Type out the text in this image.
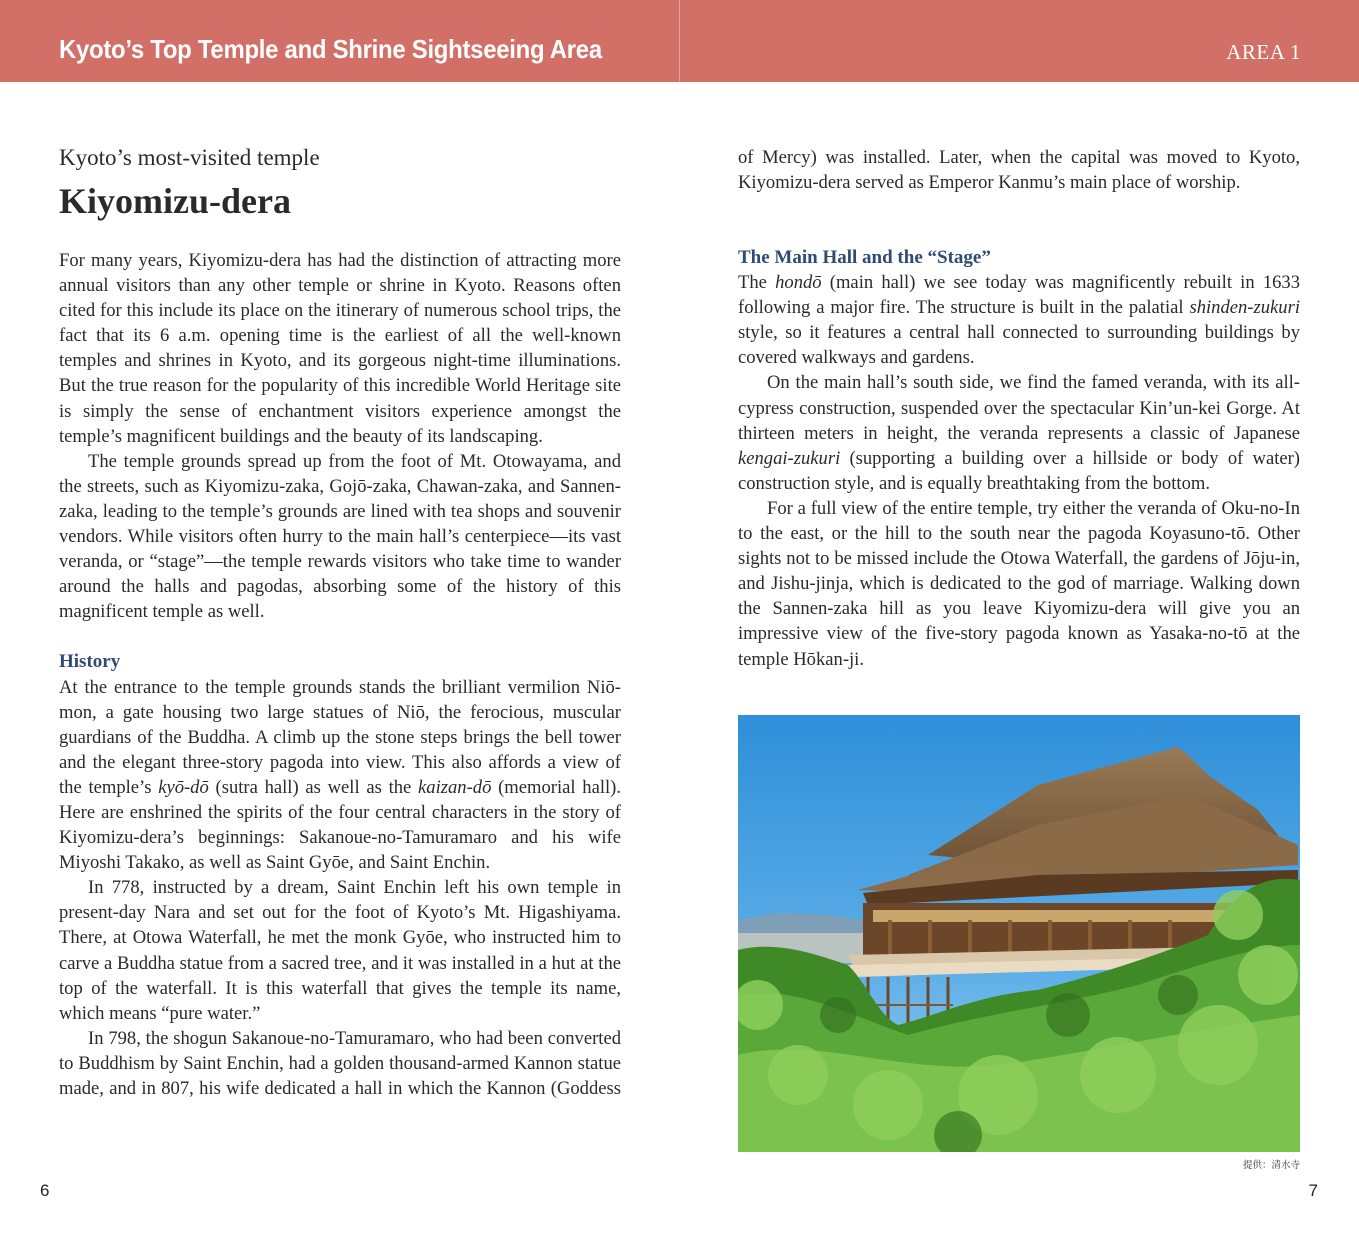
Kyoto’s Top Temple and Shrine Sightseeing Area	AREA 1
Kyoto’s most-visited temple
Kiyomizu-dera

For many years, Kiyomizu-dera has had the distinction of attracting more annual visitors than any other temple or shrine in Kyoto. Reasons often cited for this include its place on the itinerary of numerous school trips, the fact that its 6 a.m. opening time is the earliest of all the well-known temples and shrines in Kyoto, and its gorgeous night-time illuminations. But the true reason for the popularity of this incredible World Heritage site is simply the sense of enchantment visitors experience amongst the temple’s magnificent buildings and the beauty of its landscaping.

The temple grounds spread up from the foot of Mt. Otowayama, and the streets, such as Kiyomizu-zaka, Gojō-zaka, Chawan-zaka, and Sannen-zaka, leading to the temple’s grounds are lined with tea shops and souvenir vendors. While visitors often hurry to the main hall’s centerpiece—its vast veranda, or “stage”—the temple rewards visitors who take time to wander around the halls and pagodas, absorbing some of the history of this magnificent temple as well.

History

At the entrance to the temple grounds stands the brilliant vermilion Niō-mon, a gate housing two large statues of Niō, the ferocious, muscular guardians of the Buddha. A climb up the stone steps brings the bell tower and the elegant three-story pagoda into view. This also affords a view of the temple’s kyō-dō (sutra hall) as well as the kaizan-dō (memorial hall). Here are enshrined the spirits of the four central characters in the story of Kiyomizu-dera’s beginnings: Sakanoue-no-Tamuramaro and his wife Miyoshi Takako, as well as Saint Gyōe, and Saint Enchin.

In 778, instructed by a dream, Saint Enchin left his own temple in present-day Nara and set out for the foot of Kyoto’s Mt. Higashiyama. There, at Otowa Waterfall, he met the monk Gyōe, who instructed him to carve a Buddha statue from a sacred tree, and it was installed in a hut at the top of the waterfall. It is this waterfall that gives the temple its name, which means “pure water.”

In 798, the shogun Sakanoue-no-Tamuramaro, who had been converted to Buddhism by Saint Enchin, had a golden thousand-armed Kannon statue made, and in 807, his wife dedicated a hall in which the Kannon (Goddess

of Mercy) was installed. Later, when the capital was moved to Kyoto, Kiyomizu-dera served as Emperor Kanmu’s main place of worship.

The Main Hall and the “Stage”

The hondō (main hall) we see today was magnificently rebuilt in 1633 following a major fire. The structure is built in the palatial shinden-zukuri style, so it features a central hall connected to surrounding buildings by covered walkways and gardens.

On the main hall’s south side, we find the famed veranda, with its all-cypress construction, suspended over the spectacular Kin’un-kei Gorge. At thirteen meters in height, the veranda represents a classic of Japanese kengai-zukuri (supporting a building over a hillside or body of water) construction style, and is equally breathtaking from the bottom.

For a full view of the entire temple, try either the veranda of Oku-no-In to the east, or the hill to the south near the pagoda Koyasuno-tō. Other sights not to be missed include the Otowa Waterfall, the gardens of Jōju-in, and Jishu-jinja, which is dedicated to the god of marriage. Walking down the Sannen-zaka hill as you leave Kiyomizu-dera will give you an impressive view of the five-story pagoda known as Yasaka-no-tō at the temple Hōkan-ji.

提供：清水寺
6	7
